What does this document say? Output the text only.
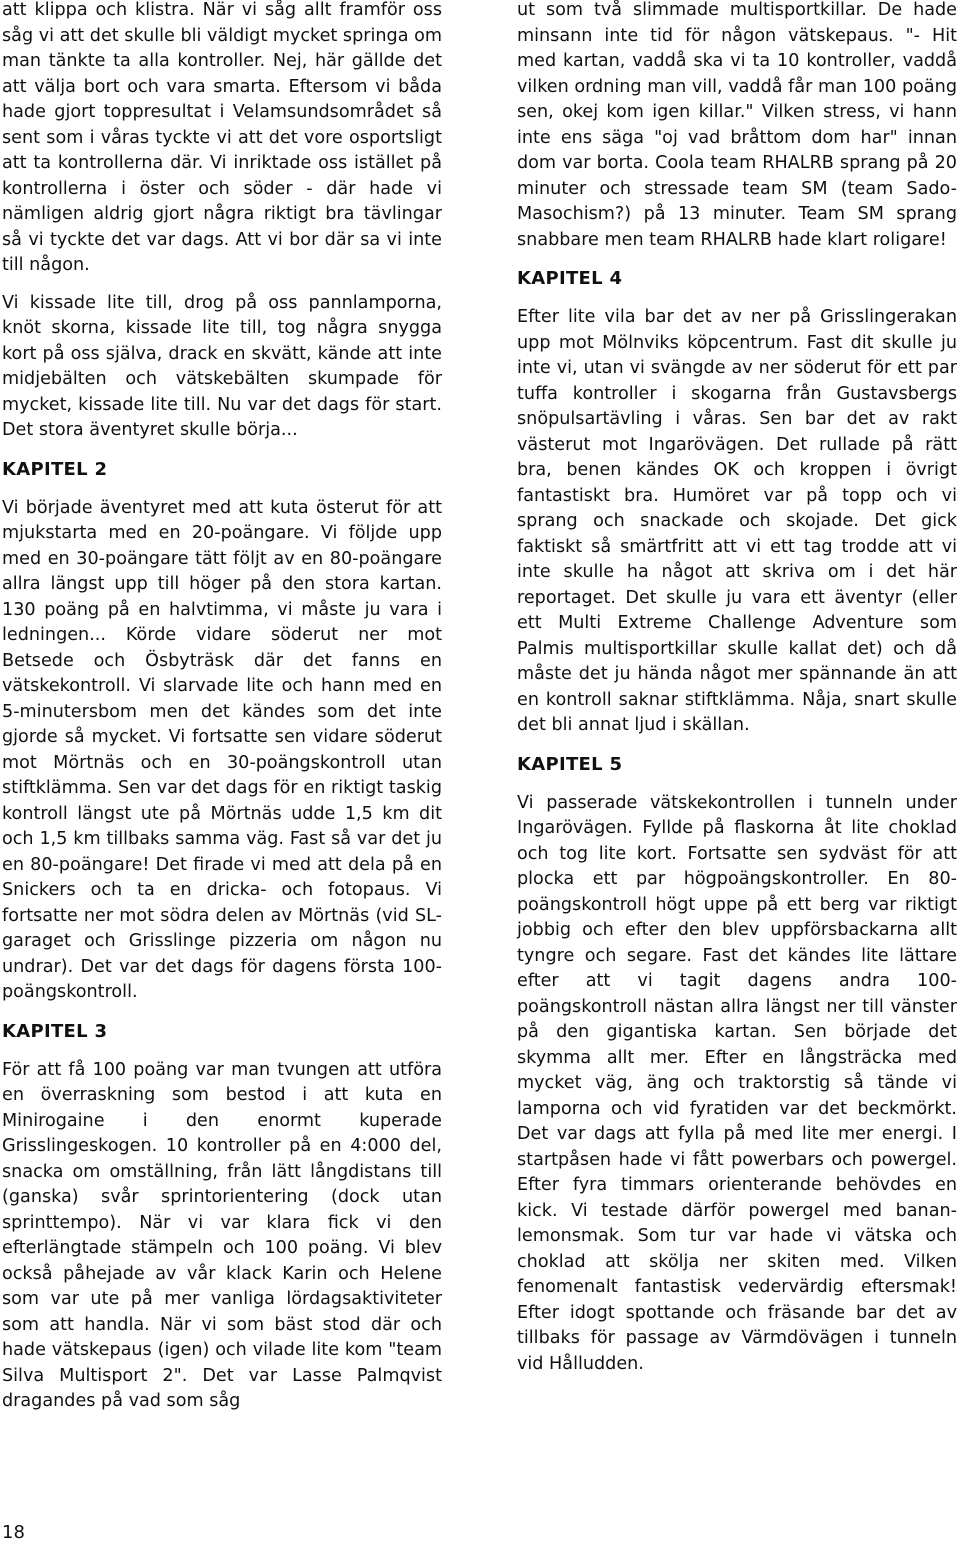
att klippa och klistra. När vi såg allt framför oss såg vi att det skulle bli väldigt mycket springa om man tänkte ta alla kontroller. Nej, här gällde det att välja bort och vara smarta. Eftersom vi båda hade gjort toppresultat i Velamsundsområdet så sent som i våras tyckte vi att det vore osportsligt att ta kontrollerna där. Vi inriktade oss istället på kontrollerna i öster och söder - där hade vi nämligen aldrig gjort några riktigt bra tävlingar så vi tyckte det var dags. Att vi bor där sa vi inte till någon.

Vi kissade lite till, drog på oss pannlamporna, knöt skorna, kissade lite till, tog några snygga kort på oss själva, drack en skvätt, kände att inte midjebälten och vätskebälten skumpade för mycket, kissade lite till. Nu var det dags för start. Det stora äventyret skulle börja...

KAPITEL 2

Vi började äventyret med att kuta österut för att mjukstarta med en 20-poängare. Vi följde upp med en 30-poängare tätt följt av en 80-poängare allra längst upp till höger på den stora kartan. 130 poäng på en halvtimma, vi måste ju vara i ledningen... Körde vidare söderut ner mot Betsede och Ösbyträsk där det fanns en vätskekontroll. Vi slarvade lite och hann med en 5-minutersbom men det kändes som det inte gjorde så mycket. Vi fortsatte sen vidare söderut mot Mörtnäs och en 30-poängskontroll utan stiftklämma. Sen var det dags för en riktigt taskig kontroll längst ute på Mörtnäs udde 1,5 km dit och 1,5 km tillbaks samma väg. Fast så var det ju en 80-poängare! Det firade vi med att dela på en Snickers och ta en dricka- och fotopaus. Vi fortsatte ner mot södra delen av Mörtnäs (vid SL-garaget och Grisslinge pizzeria om någon nu undrar). Det var det dags för dagens första 100-poängskontroll.

KAPITEL 3

För att få 100 poäng var man tvungen att utföra en överraskning som bestod i att kuta en Minirogaine i den enormt kuperade Grisslingeskogen. 10 kontroller på en 4:000 del, snacka om omställning, från lätt långdistans till (ganska) svår sprintorientering (dock utan sprinttempo). När vi var klara fick vi den efterlängtade stämpeln och 100 poäng. Vi blev också påhejade av vår klack Karin och Helene som var ute på mer vanliga lördagsaktiviteter som att handla. När vi som bäst stod där och hade vätskepaus (igen) och vilade lite kom "team Silva Multisport 2". Det var Lasse Palmqvist dragandes på vad som såg

ut som två slimmade multisportkillar. De hade minsann inte tid för någon vätskepaus. "- Hit med kartan, vaddå ska vi ta 10 kontroller, vaddå vilken ordning man vill, vaddå får man 100 poäng sen, okej kom igen killar." Vilken stress, vi hann inte ens säga "oj vad bråttom dom har" innan dom var borta. Coola team RHALRB sprang på 20 minuter och stressade team SM (team Sado-Masochism?) på 13 minuter. Team SM sprang snabbare men team RHALRB hade klart roligare!

KAPITEL 4

Efter lite vila bar det av ner på Grisslingerakan upp mot Mölnviks köpcentrum. Fast dit skulle ju inte vi, utan vi svängde av ner söderut för ett par tuffa kontroller i skogarna från Gustavsbergs snöpulsartävling i våras. Sen bar det av rakt västerut mot Ingarövägen. Det rullade på rätt bra, benen kändes OK och kroppen i övrigt fantastiskt bra. Humöret var på topp och vi sprang och snackade och skojade. Det gick faktiskt så smärtfritt att vi ett tag trodde att vi inte skulle ha något att skriva om i det här reportaget. Det skulle ju vara ett äventyr (eller ett Multi Extreme Challenge Adventure som Palmis multisportkillar skulle kallat det) och då måste det ju hända något mer spännande än att en kontroll saknar stiftklämma. Nåja, snart skulle det bli annat ljud i skällan.

KAPITEL 5

Vi passerade vätskekontrollen i tunneln under Ingarövägen. Fyllde på flaskorna åt lite choklad och tog lite kort. Fortsatte sen sydväst för att plocka ett par högpoängskontroller. En 80-poängskontroll högt uppe på ett berg var riktigt jobbig och efter den blev uppförsbackarna allt tyngre och segare. Fast det kändes lite lättare efter att vi tagit dagens andra 100-poängskontroll nästan allra längst ner till vänster på den gigantiska kartan. Sen började det skymma allt mer. Efter en långsträcka med mycket väg, äng och traktorstig så tände vi lamporna och vid fyratiden var det beckmörkt. Det var dags att fylla på med lite mer energi. I startpåsen hade vi fått powerbars och powergel. Efter fyra timmars orienterande behövdes en kick. Vi testade därför powergel med banan-lemonsmak. Som tur var hade vi vätska och choklad att skölja ner skiten med. Vilken fenomenalt fantastisk vedervärdig eftersmak! Efter idogt spottande och fräsande bar det av tillbaks för passage av Värmdövägen i tunneln vid Hålludden.

18
